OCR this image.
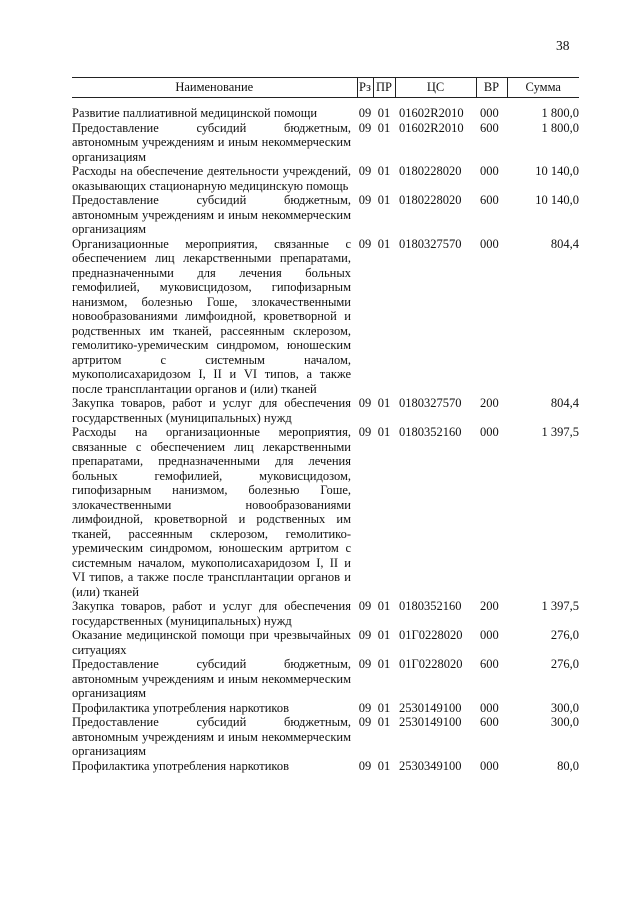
38
Наименование	Рз	ПР	ЦС	ВР	Сумма

Развитие паллиативной медицинской помощи	09	01	01602R2010	000	1 800,0
Предоставление субсидий бюджетным, автономным учреждениям и иным некоммерческим организациям	09	01	01602R2010	600	1 800,0
Расходы на обеспечение деятельности учреждений, оказывающих стационарную медицинскую помощь	09	01	0180228020	000	10 140,0
Предоставление субсидий бюджетным, автономным учреждениям и иным некоммерческим организациям	09	01	0180228020	600	10 140,0
Организационные мероприятия, связанные с обеспечением лиц лекарственными препаратами, предназначенными для лечения больных гемофилией, муковисцидозом, гипофизарным нанизмом, болезнью Гоше, злокачественными новообразованиями лимфоидной, кроветворной и родственных им тканей, рассеянным склерозом, гемолитико-уремическим синдромом, юношеским артритом с системным началом, мукополисахаридозом I, II и VI типов, а также после трансплантации органов и (или) тканей	09	01	0180327570	000	804,4
Закупка товаров, работ и услуг для обеспечения государственных (муниципальных) нужд	09	01	0180327570	200	804,4
Расходы на организационные мероприятия, связанные с обеспечением лиц лекарственными препаратами, предназначенными для лечения больных гемофилией, муковисцидозом, гипофизарным нанизмом, болезнью Гоше, злокачественными новообразованиями лимфоидной, кроветворной и родственных им тканей, рассеянным склерозом, гемолитико-уремическим синдромом, юношеским артритом с системным началом, мукополисахаридозом I, II и VI типов, а также после трансплантации органов и (или) тканей	09	01	0180352160	000	1 397,5
Закупка товаров, работ и услуг для обеспечения государственных (муниципальных) нужд	09	01	0180352160	200	1 397,5
Оказание медицинской помощи при чрезвычайных ситуациях	09	01	01Г0228020	000	276,0
Предоставление субсидий бюджетным, автономным учреждениям и иным некоммерческим организациям	09	01	01Г0228020	600	276,0
Профилактика употребления наркотиков	09	01	2530149100	000	300,0
Предоставление субсидий бюджетным, автономным учреждениям и иным некоммерческим организациям	09	01	2530149100	600	300,0
Профилактика употребления наркотиков	09	01	2530349100	000	80,0
